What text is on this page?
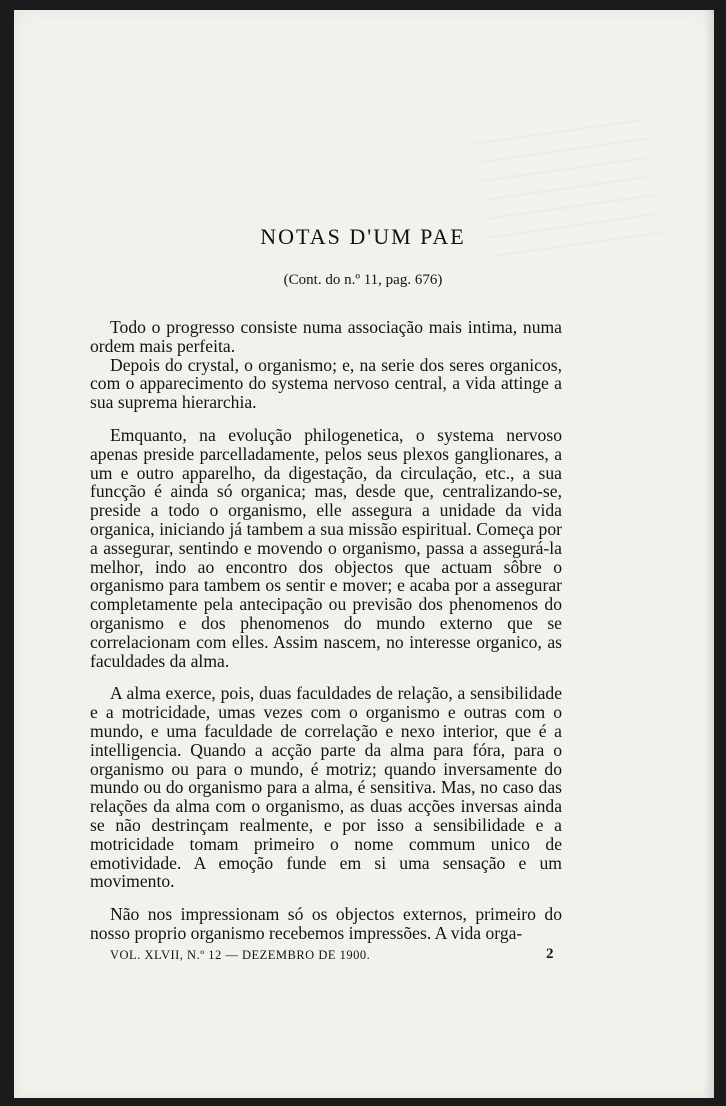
NOTAS D'UM PAE
(Cont. do n.º 11, pag. 676)

Todo o progresso consiste numa associação mais intima, numa ordem mais perfeita.

Depois do crystal, o organismo; e, na serie dos seres organicos, com o apparecimento do systema nervoso central, a vida attinge a sua suprema hierarchia.

Emquanto, na evolução philogenetica, o systema nervoso apenas preside parcelladamente, pelos seus plexos ganglionares, a um e outro apparelho, da digestação, da circulação, etc., a sua funcção é ainda só organica; mas, desde que, centralizando-se, preside a todo o organismo, elle assegura a unidade da vida organica, iniciando já tambem a sua missão espiritual. Começa por a assegurar, sentindo e movendo o organismo, passa a assegurá-la melhor, indo ao encontro dos objectos que actuam sôbre o organismo para tambem os sentir e mover; e acaba por a assegurar completamente pela antecipação ou previsão dos phenomenos do organismo e dos phenomenos do mundo externo que se correlacionam com elles. Assim nascem, no interesse organico, as faculdades da alma.

A alma exerce, pois, duas faculdades de relação, a sensibilidade e a motricidade, umas vezes com o organismo e outras com o mundo, e uma faculdade de correlação e nexo interior, que é a intelligencia. Quando a acção parte da alma para fóra, para o organismo ou para o mundo, é motriz; quando inversamente do mundo ou do organismo para a alma, é sensitiva. Mas, no caso das relações da alma com o organismo, as duas acções inversas ainda se não destrinçam realmente, e por isso a sensibilidade e a motricidade tomam primeiro o nome commum unico de emotividade. A emoção funde em si uma sensação e um movimento.

Não nos impressionam só os objectos externos, primeiro do nosso proprio organismo recebemos impressões. A vida orga-

VOL. XLVII, N.º 12 — DEZEMBRO DE 1900.	2
